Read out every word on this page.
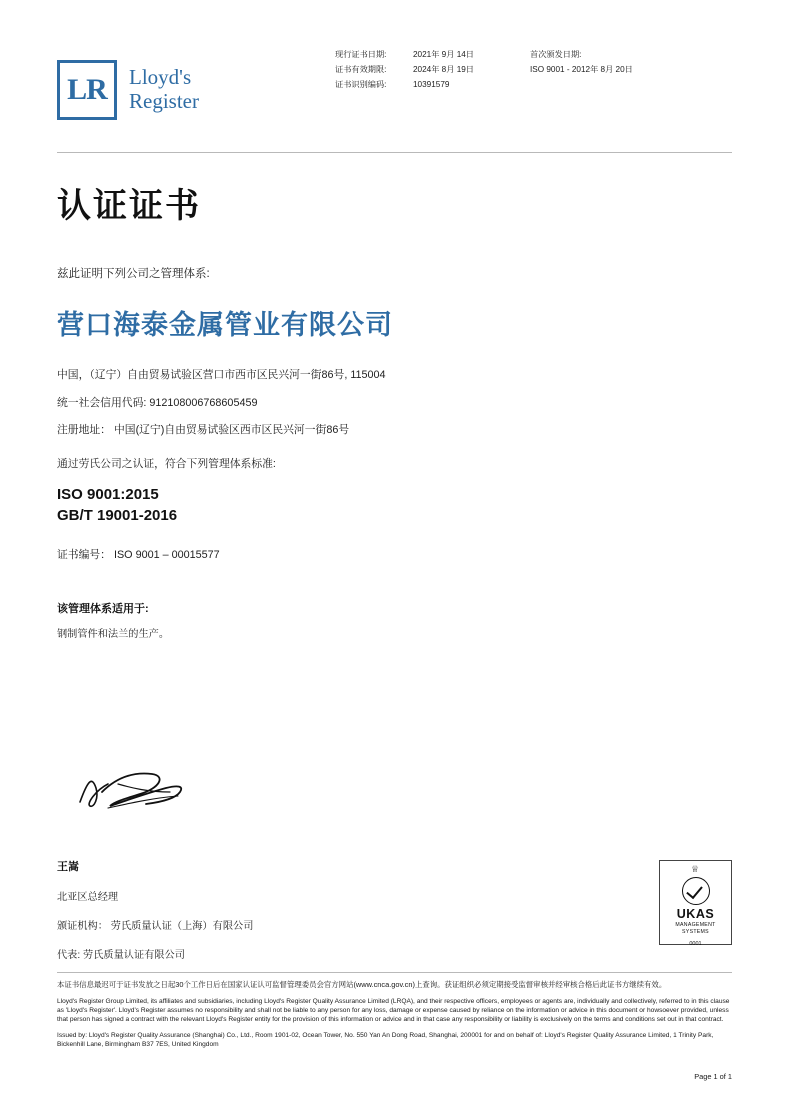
LR	Lloyd's
Register
现行证书日期:	2021年 9月 14日
证书有效期限:	2024年 8月 19日
证书识别编码:	10391579
首次颁发日期:
ISO 9001 - 2012年 8月 20日
认证证书
兹此证明下列公司之管理体系:
营口海泰金属管业有限公司
中国，（辽宁）自由贸易试验区营口市西市区民兴河一街86号, 115004
统一社会信用代码: 912108006768605459
注册地址： 中国(辽宁)自由贸易试验区西市区民兴河一街86号
通过劳氏公司之认证，符合下列管理体系标准:
ISO 9001:2015
GB/T 19001-2016
证书编号： ISO 9001 – 00015577
该管理体系适用于:
钢制管件和法兰的生产。
王嵩
北亚区总经理
颁证机构： 劳氏质量认证（上海）有限公司
代表: 劳氏质量认证有限公司
♕
UKAS
MANAGEMENT
SYSTEMS
0001

本证书信息最迟可于证书发放之日起30个工作日后在国家认证认可监督管理委员会官方网站(www.cnca.gov.cn)上查询。获证组织必须定期接受监督审核并经审核合格后此证书方继续有效。

Lloyd's Register Group Limited, its affiliates and subsidiaries, including Lloyd's Register Quality Assurance Limited (LRQA), and their respective officers, employees or agents are, individually and collectively, referred to in this clause as 'Lloyd's Register'. Lloyd's Register assumes no responsibility and shall not be liable to any person for any loss, damage or expense caused by reliance on the information or advice in this document or howsoever provided, unless that person has signed a contract with the relevant Lloyd's Register entity for the provision of this information or advice and in that case any responsibility or liability is exclusively on the terms and conditions set out in that contract.

Issued by: Lloyd's Register Quality Assurance (Shanghai) Co., Ltd., Room 1901-02, Ocean Tower, No. 550 Yan An Dong Road, Shanghai, 200001 for and on behalf of: Lloyd's Register Quality Assurance Limited, 1 Trinity Park, Bickenhill Lane, Birmingham B37 7ES, United Kingdom

Page 1 of 1
